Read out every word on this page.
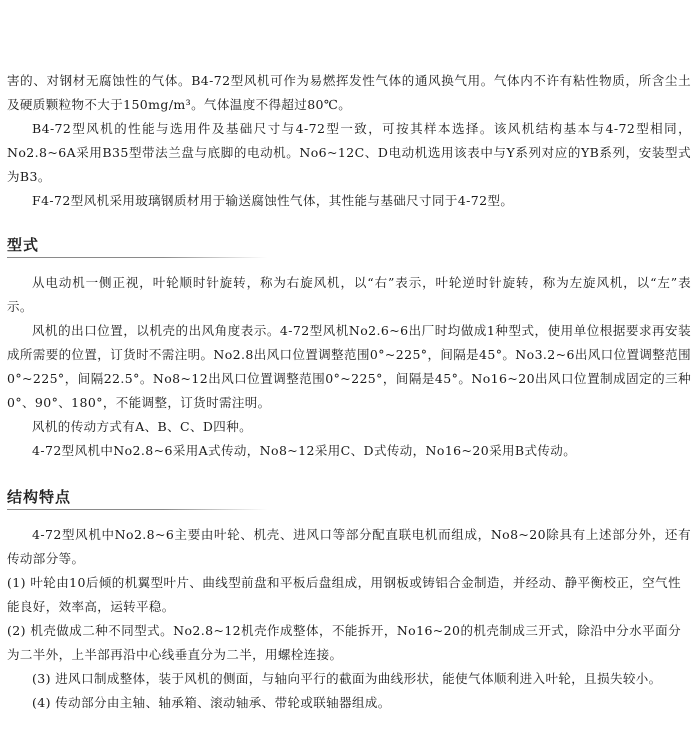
害的、对钢材无腐蚀性的气体。B4-72型风机可作为易燃挥发性气体的通风换气用。气体内不许有粘性物质，所含尘土及硬质颗粒物不大于150mg/m³。气体温度不得超过80℃。

B4-72型风机的性能与选用件及基础尺寸与4-72型一致，可按其样本选择。该风机结构基本与4-72型相同，No2.8~6A采用B35型带法兰盘与底脚的电动机。No6~12C、D电动机选用该表中与Y系列对应的YB系列，安装型式为B3。

F4-72型风机采用玻璃钢质材用于输送腐蚀性气体，其性能与基础尺寸同于4-72型。

型式

从电动机一侧正视，叶轮顺时针旋转，称为右旋风机，以“右”表示，叶轮逆时针旋转，称为左旋风机，以“左”表示。

风机的出口位置，以机壳的出风角度表示。4-72型风机No2.6~6出厂时均做成1种型式，使用单位根据要求再安装成所需要的位置，订货时不需注明。No2.8出风口位置调整范围0°~225°，间隔是45°。No3.2~6出风口位置调整范围0°~225°，间隔22.5°。No8~12出风口位置调整范围0°~225°，间隔是45°。No16~20出风口位置制成固定的三种0°、90°、180°，不能调整，订货时需注明。

风机的传动方式有A、B、C、D四种。

4-72型风机中No2.8~6采用A式传动，No8~12采用C、D式传动，No16~20采用B式传动。

结构特点

4-72型风机中No2.8~6主要由叶轮、机壳、进风口等部分配直联电机而组成，No8~20除具有上述部分外，还有传动部分等。

(1) 叶轮由10后倾的机翼型叶片、曲线型前盘和平板后盘组成，用钢板或铸铝合金制造，并经动、静平衡校正，空气性能良好，效率高，运转平稳。

(2) 机壳做成二种不同型式。No2.8~12机壳作成整体，不能拆开，No16~20的机壳制成三开式，除沿中分水平面分为二半外，上半部再沿中心线垂直分为二半，用螺栓连接。

(3) 进风口制成整体，装于风机的侧面，与轴向平行的截面为曲线形状，能使气体顺利进入叶轮，且损失较小。

(4) 传动部分由主轴、轴承箱、滚动轴承、带轮或联轴器组成。
